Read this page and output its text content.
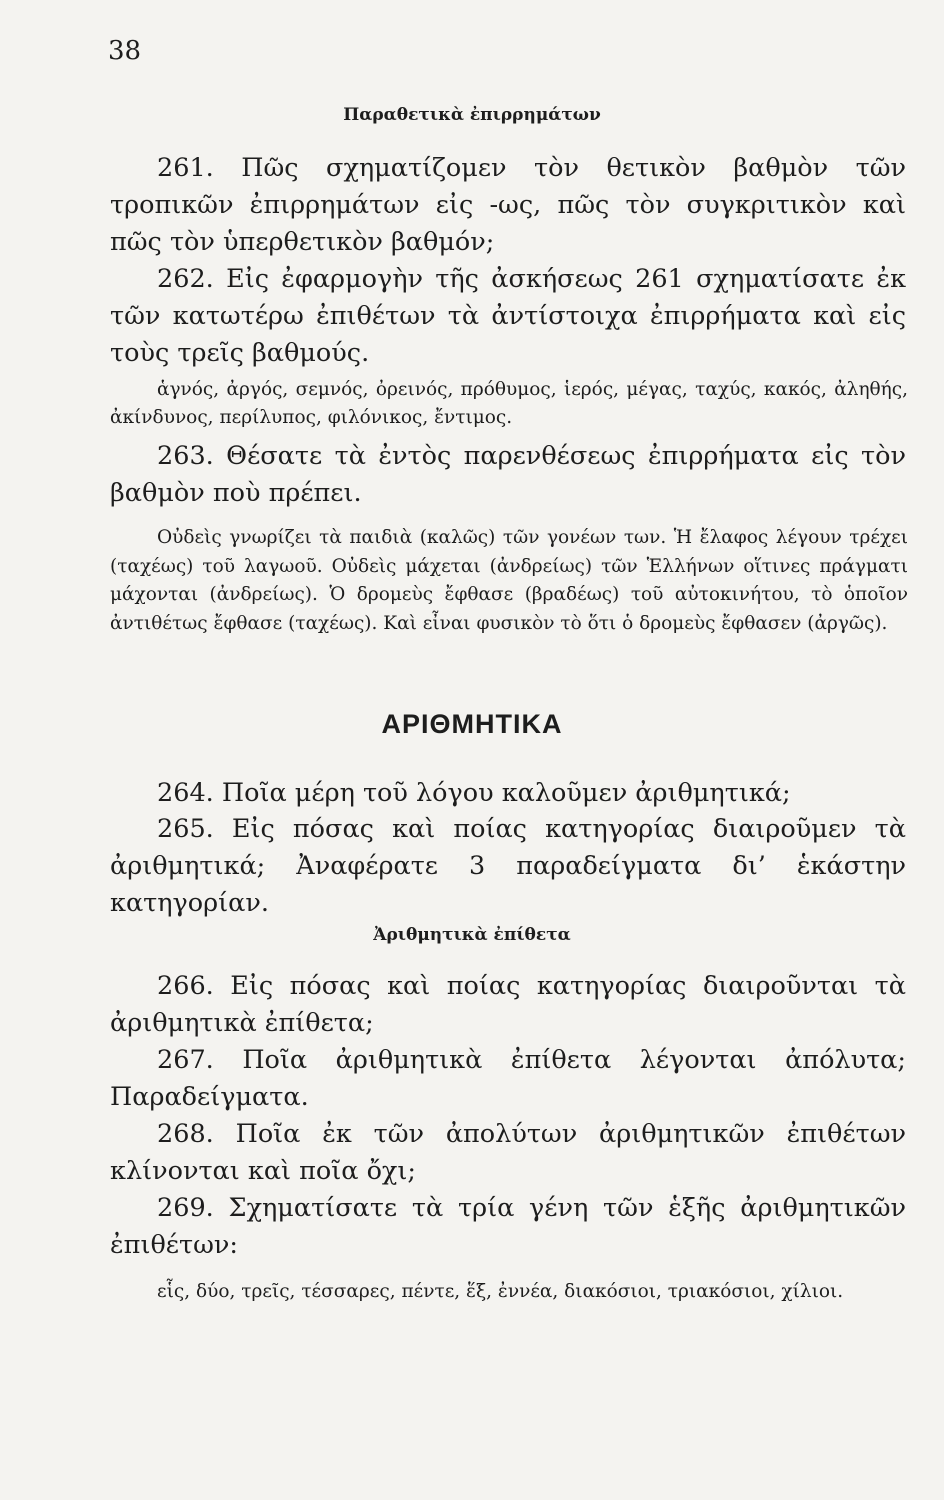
38
Παραθετικὰ ἐπιρρημάτων

261. Πῶς σχηματίζομεν τὸν θετικὸν βαθμὸν τῶν τροπικῶν ἐπιρρημάτων εἰς -ως, πῶς τὸν συγκριτικὸν καὶ πῶς τὸν ὑπερθετικὸν βαθμόν;

262. Εἰς ἐφαρμογὴν τῆς ἀσκήσεως 261 σχηματίσατε ἐκ τῶν κατωτέρω ἐπιθέτων τὰ ἀντίστοιχα ἐπιρρήματα καὶ εἰς τοὺς τρεῖς βαθμούς.

ἁγνός, ἀργός, σεμνός, ὀρεινός, πρόθυμος, ἱερός, μέγας, ταχύς, κακός, ἀληθής, ἀκίνδυνος, περίλυπος, φιλόνικος, ἔντιμος.

263. Θέσατε τὰ ἐντὸς παρενθέσεως ἐπιρρήματα εἰς τὸν βαθμὸν ποὺ πρέπει.

Οὐδεὶς γνωρίζει τὰ παιδιὰ (καλῶς) τῶν γονέων των. Ἡ ἔλαφος λέγουν τρέχει (ταχέως) τοῦ λαγωοῦ. Οὐδεὶς μάχεται (ἀνδρείως) τῶν Ἑλλήνων οἵτινες πράγματι μάχονται (ἀνδρείως). Ὁ δρομεὺς ἔφθασε (βραδέως) τοῦ αὐτοκινήτου, τὸ ὁποῖον ἀντιθέτως ἔφθασε (ταχέως). Καὶ εἶναι φυσικὸν τὸ ὅτι ὁ δρομεὺς ἔφθασεν (ἀργῶς).

ΑΡΙΘΜΗΤΙΚΑ

264. Ποῖα μέρη τοῦ λόγου καλοῦμεν ἀριθμητικά;

265. Εἰς πόσας καὶ ποίας κατηγορίας διαιροῦμεν τὰ ἀριθμητικά; Ἀναφέρατε 3 παραδείγματα δι’ ἑκάστην κατηγορίαν.

Ἀριθμητικὰ ἐπίθετα

266. Εἰς πόσας καὶ ποίας κατηγορίας διαιροῦνται τὰ ἀριθμητικὰ ἐπίθετα;

267. Ποῖα ἀριθμητικὰ ἐπίθετα λέγονται ἀπόλυτα; Παραδείγματα.

268. Ποῖα ἐκ τῶν ἀπολύτων ἀριθμητικῶν ἐπιθέτων κλίνονται καὶ ποῖα ὄχι;

269. Σχηματίσατε τὰ τρία γένη τῶν ἑξῆς ἀριθμητικῶν ἐπιθέτων:

εἷς, δύο, τρεῖς, τέσσαρες, πέντε, ἕξ, ἐννέα, διακόσιοι, τριακόσιοι, χίλιοι.
